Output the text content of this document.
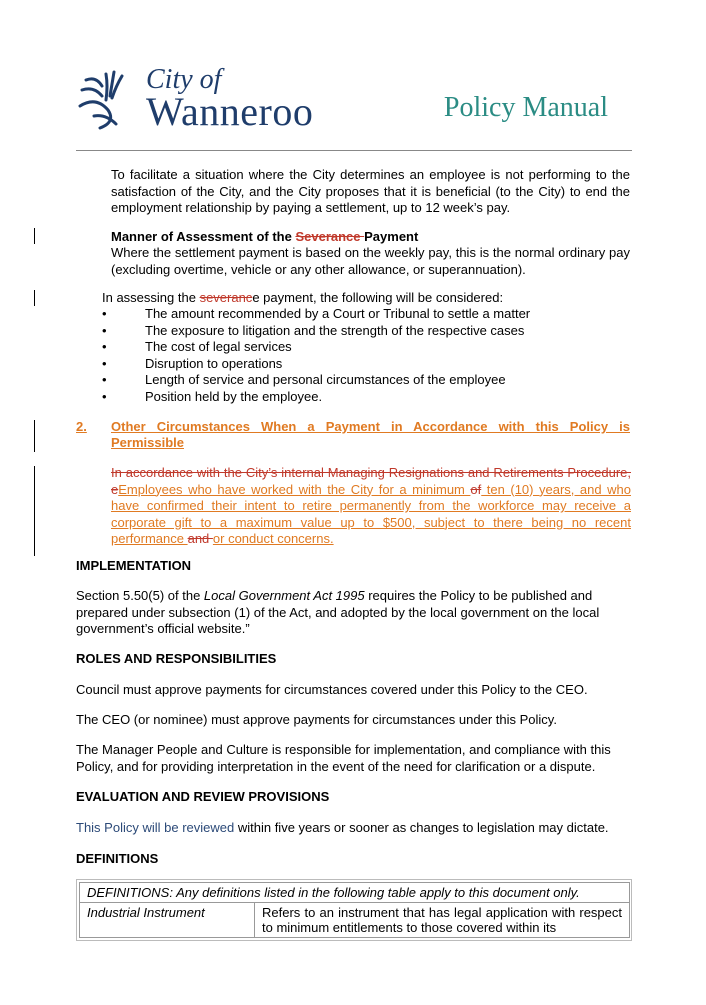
City of
Wanneroo	Policy Manual
To facilitate a situation where the City determines an employee is not performing to the satisfaction of the City, and the City proposes that it is beneficial (to the City) to end the employment relationship by paying a settlement, up to 12 week’s pay.
Manner of Assessment of the Severance Payment
Where the settlement payment is based on the weekly pay, this is the normal ordinary pay (excluding overtime, vehicle or any other allowance, or superannuation).
In assessing the severance payment, the following will be considered:
•	The amount recommended by a Court or Tribunal to settle a matter
•	The exposure to litigation and the strength of the respective cases
•	The cost of legal services
•	Disruption to operations
•	Length of service and personal circumstances of the employee
•	Position held by the employee.
2. Other Circumstances When a Payment in Accordance with this Policy is
Permissible
In accordance with the City’s internal Managing Resignations and Retirements Procedure, eEmployees who have worked with the City for a minimum of ten (10) years, and who have confirmed their intent to retire permanently from the workforce may receive a corporate gift to a maximum value up to $500, subject to there being no recent performance and or conduct concerns.
IMPLEMENTATION
Section 5.50(5) of the Local Government Act 1995 requires the Policy to be published and prepared under subsection (1) of the Act, and adopted by the local government on the local government’s official website.”
ROLES AND RESPONSIBILITIES
Council must approve payments for circumstances covered under this Policy to the CEO.
The CEO (or nominee) must approve payments for circumstances under this Policy.
The Manager People and Culture is responsible for implementation, and compliance with this Policy, and for providing interpretation in the event of the need for clarification or a dispute.
EVALUATION AND REVIEW PROVISIONS
This Policy will be reviewed within five years or sooner as changes to legislation may dictate.
DEFINITIONS
DEFINITIONS: Any definitions listed in the following table apply to this document only.
Industrial Instrument	Refers to an instrument that has legal application with respect to minimum entitlements to those covered within its
